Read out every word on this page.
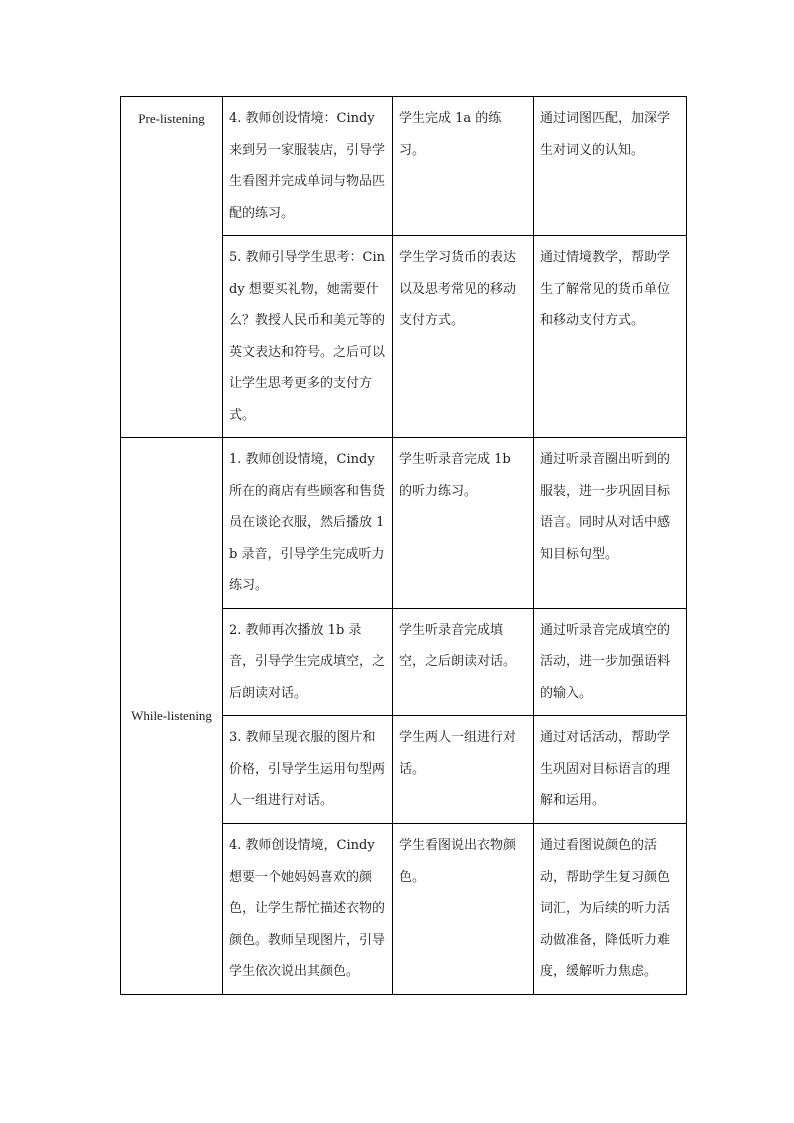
Pre-listening	4. 教师创设情境：Cindy来到另一家服装店，引导学生看图并完成单词与物品匹配的练习。	学生完成 1a 的练习。	通过词图匹配，加深学生对词义的认知。
	5. 教师引导学生思考：Cindy 想要买礼物，她需要什么？教授人民币和美元等的英文表达和符号。之后可以让学生思考更多的支付方式。	学生学习货币的表达以及思考常见的移动支付方式。	通过情境教学，帮助学生了解常见的货币单位和移动支付方式。
While-listening	1. 教师创设情境，Cindy所在的商店有些顾客和售货员在谈论衣服，然后播放 1b 录音，引导学生完成听力练习。	学生听录音完成 1b 的听力练习。	通过听录音圈出听到的服装，进一步巩固目标语言。同时从对话中感知目标句型。
	2. 教师再次播放 1b 录音，引导学生完成填空，之后朗读对话。	学生听录音完成填空，之后朗读对话。	通过听录音完成填空的活动，进一步加强语料的输入。
	3. 教师呈现衣服的图片和价格，引导学生运用句型两人一组进行对话。	学生两人一组进行对话。	通过对话活动，帮助学生巩固对目标语言的理解和运用。
	4. 教师创设情境，Cindy想要一个她妈妈喜欢的颜色，让学生帮忙描述衣物的颜色。教师呈现图片，引导学生依次说出其颜色。	学生看图说出衣物颜色。	通过看图说颜色的活动，帮助学生复习颜色词汇，为后续的听力活动做准备，降低听力难度，缓解听力焦虑。
